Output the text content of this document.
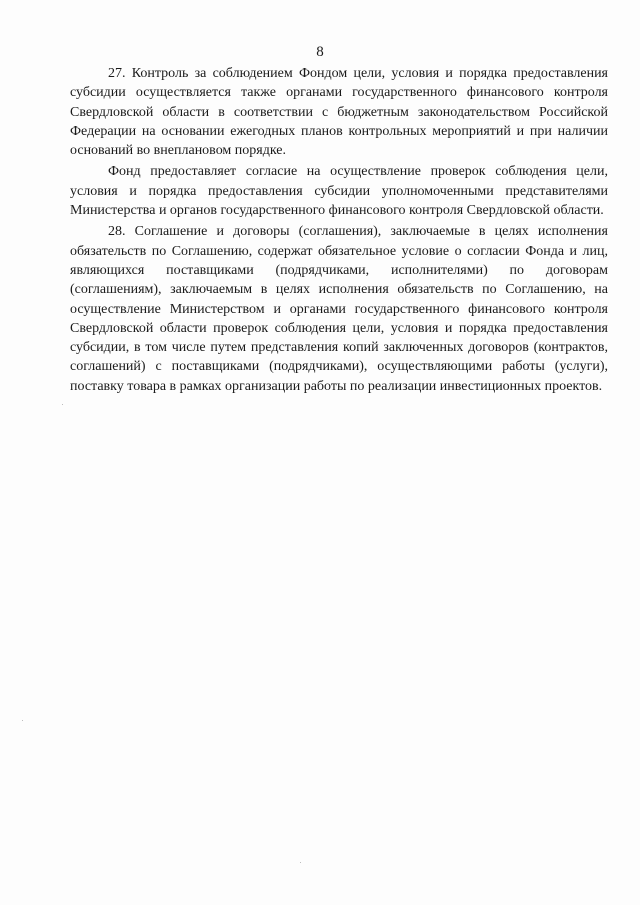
8

27. Контроль за соблюдением Фондом цели, условия и порядка предоставления субсидии осуществляется также органами государственного финансового контроля Свердловской области в соответствии с бюджетным законодательством Российской Федерации на основании ежегодных планов контрольных мероприятий и при наличии оснований во внеплановом порядке.

Фонд предоставляет согласие на осуществление проверок соблюдения цели, условия и порядка предоставления субсидии уполномоченными представителями Министерства и органов государственного финансового контроля Свердловской области.

28. Соглашение и договоры (соглашения), заключаемые в целях исполнения обязательств по Соглашению, содержат обязательное условие о согласии Фонда и лиц, являющихся поставщиками (подрядчиками, исполнителями) по договорам (соглашениям), заключаемым в целях исполнения обязательств по Соглашению, на осуществление Министерством и органами государственного финансового контроля Свердловской области проверок соблюдения цели, условия и порядка предоставления субсидии, в том числе путем представления копий заключенных договоров (контрактов, соглашений) с поставщиками (подрядчиками), осуществляющими работы (услуги), поставку товара в рамках организации работы по реализации инвестиционных проектов.
